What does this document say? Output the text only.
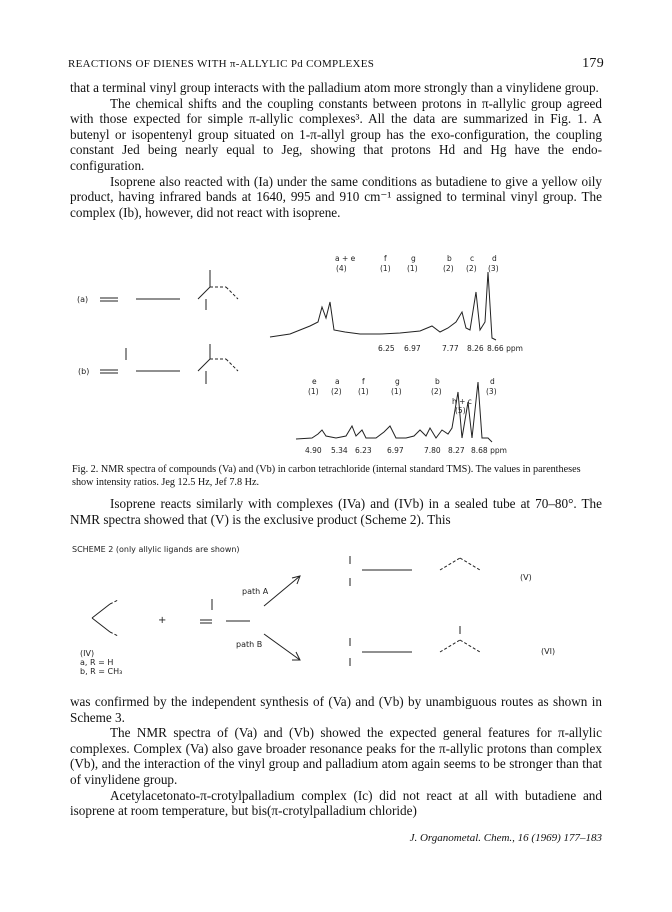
REACTIONS OF DIENES WITH π-ALLYLIC Pd COMPLEXES	179

that a terminal vinyl group interacts with the palladium atom more strongly than a vinylidene group.

The chemical shifts and the coupling constants between protons in π-allylic group agreed with those expected for simple π-allylic complexes³. All the data are summarized in Fig. 1. A butenyl or isopentenyl group situated on 1-π-allyl group has the exo-configuration, the coupling constant Jed being nearly equal to Jeg, showing that protons Hd and Hg have the endo-configuration.

Isoprene also reacted with (Ia) under the same conditions as butadiene to give a yellow oily product, having infrared bands at 1640, 995 and 910 cm⁻¹ assigned to terminal vinyl group. The complex (Ib), however, did not react with isoprene.

(a)
(b)
a + e	f	g	b c d
(4)	(1) (1)	(2) (2) (3)
6.25 6.97	7.77 8.26 8.66 ppm
e a	f	g	b	d
(1) (2) (1)	(1)	(2)	(3)
h + c
(5)
4.90 5.34 6.23 6.97	7.80 8.27 8.68 ppm
Fig. 2. NMR spectra of compounds (Va) and (Vb) in carbon tetrachloride (internal standard TMS). The values in parentheses show intensity ratios. Jeg 12.5 Hz, Jef 7.8 Hz.

Isoprene reacts similarly with complexes (IVa) and (IVb) in a sealed tube at 70–80°. The NMR spectra showed that (V) is the exclusive product (Scheme 2). This

SCHEME 2 (only allylic ligands are shown)
path A
path B
+
(IV)
a, R = H
b, R = CH₃
(V)
(VI)

was confirmed by the independent synthesis of (Va) and (Vb) by unambiguous routes as shown in Scheme 3.

The NMR spectra of (Va) and (Vb) showed the expected general features for π-allylic complexes. Complex (Va) also gave broader resonance peaks for the π-allylic protons than complex (Vb), and the interaction of the vinyl group and palladium atom again seems to be stronger than that of vinylidene group.

Acetylacetonato-π-crotylpalladium complex (Ic) did not react at all with butadiene and isoprene at room temperature, but bis(π-crotylpalladium chloride)

J. Organometal. Chem., 16 (1969) 177–183
